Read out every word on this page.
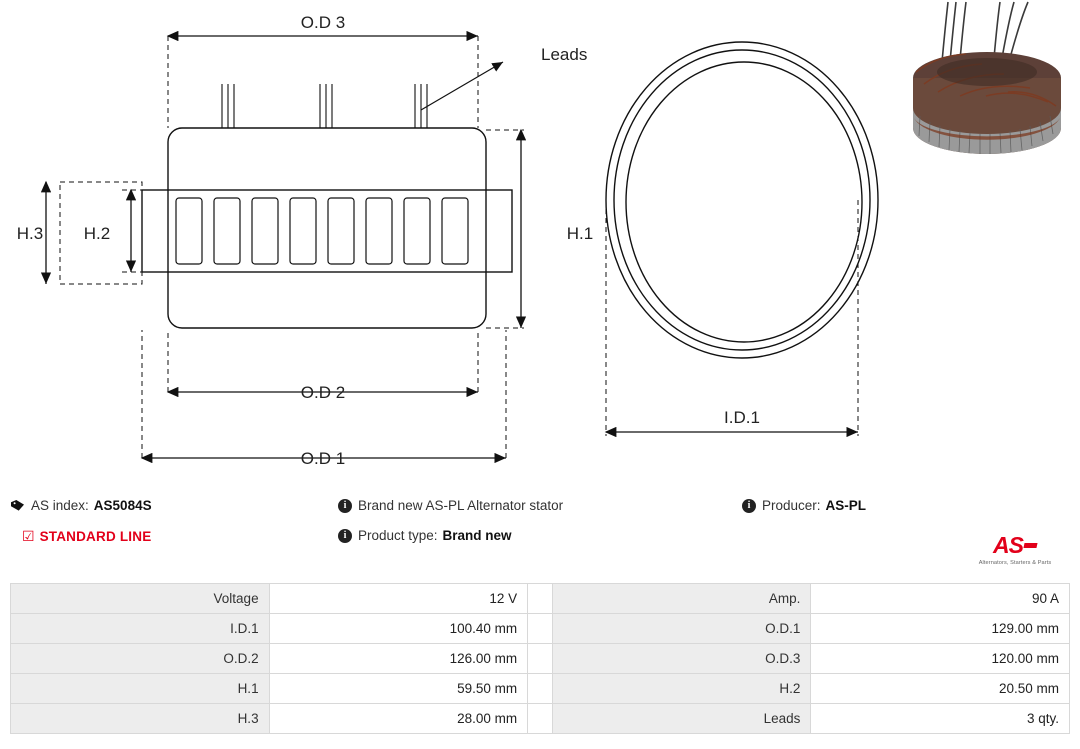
O.D 3
O.D 2
O.D 1
Leads
H.1
H.2
H.3
I.D.1
AS index: AS5084S	i Brand new AS-PL Alternator stator	i Producer: AS-PL
☑ STANDARD LINE	i Product type: Brand new	AS
Alternators, Starters & Parts
Voltage	12 V		Amp.	90 A
I.D.1	100.40 mm		O.D.1	129.00 mm
O.D.2	126.00 mm		O.D.3	120.00 mm
H.1	59.50 mm		H.2	20.50 mm
H.3	28.00 mm		Leads	3 qty.
